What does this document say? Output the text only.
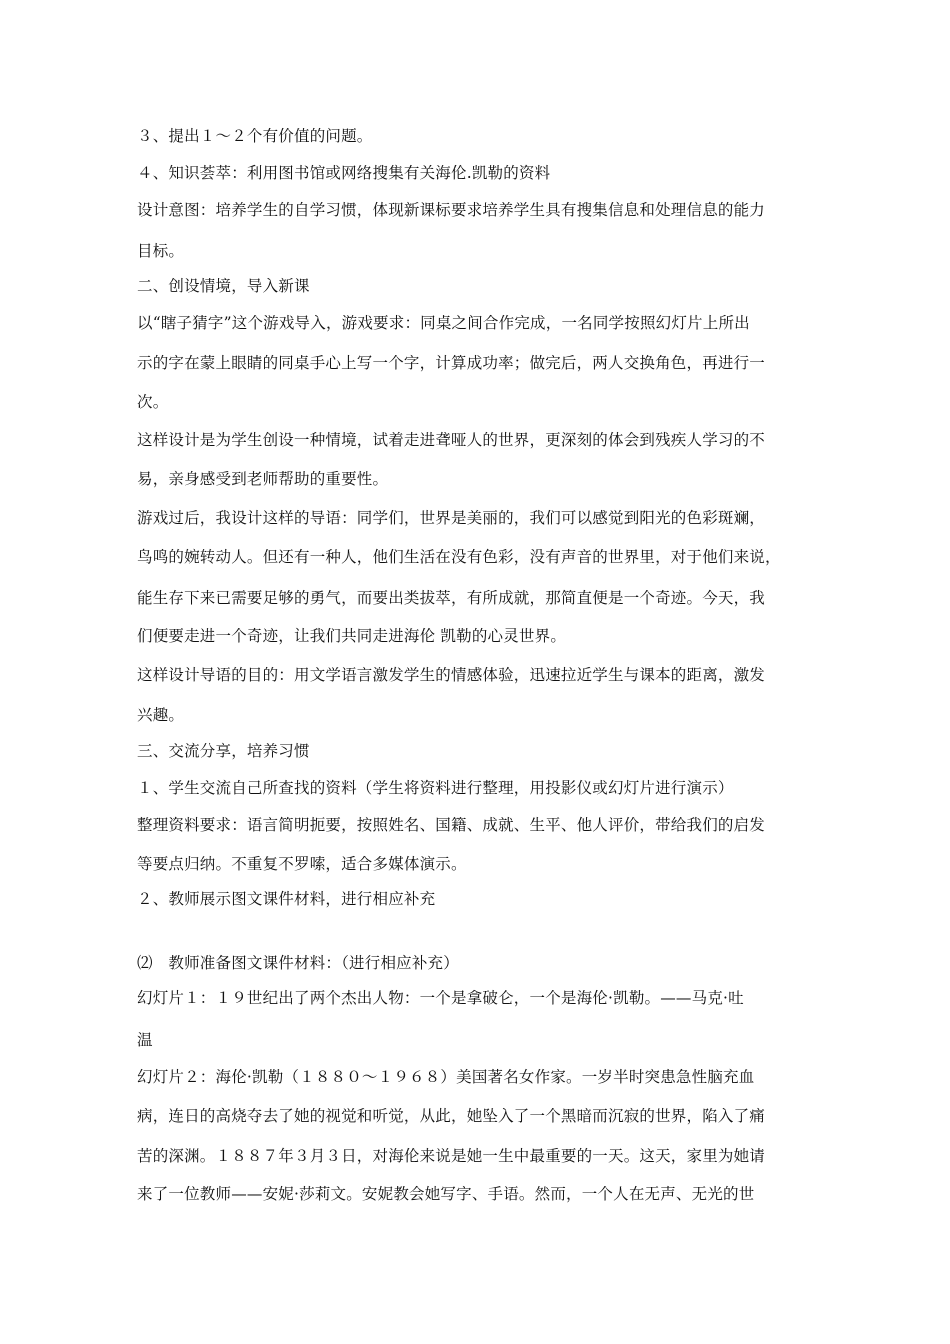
３、提出１～２个有价值的问题。
４、知识荟萃：利用图书馆或网络搜集有关海伦.凯勒的资料
设计意图：培养学生的自学习惯，体现新课标要求培养学生具有搜集信息和处理信息的能力
目标。
二、创设情境，导入新课
以“瞎子猜字”这个游戏导入，游戏要求：同桌之间合作完成，一名同学按照幻灯片上所出
示的字在蒙上眼睛的同桌手心上写一个字，计算成功率；做完后，两人交换角色，再进行一
次。
这样设计是为学生创设一种情境，试着走进聋哑人的世界，更深刻的体会到残疾人学习的不
易，亲身感受到老师帮助的重要性。
游戏过后，我设计这样的导语：同学们，世界是美丽的，我们可以感觉到阳光的色彩斑斓，
鸟鸣的婉转动人。但还有一种人，他们生活在没有色彩，没有声音的世界里，对于他们来说，
能生存下来已需要足够的勇气，而要出类拔萃，有所成就，那简直便是一个奇迹。今天，我
们便要走进一个奇迹，让我们共同走进海伦 凯勒的心灵世界。
这样设计导语的目的：用文学语言激发学生的情感体验，迅速拉近学生与课本的距离，激发
兴趣。
三、交流分享，培养习惯
１、学生交流自己所查找的资料（学生将资料进行整理，用投影仪或幻灯片进行演示）
整理资料要求：语言简明扼要，按照姓名、国籍、成就、生平、他人评价，带给我们的启发
等要点归纳。不重复不罗嗦，适合多媒体演示。
２、教师展示图文课件材料，进行相应补充
⑵　教师准备图文课件材料：（进行相应补充）
幻灯片１：１９世纪出了两个杰出人物：一个是拿破仑，一个是海伦·凯勒。——马克·吐
温
幻灯片２：海伦·凯勒（１８８０～１９６８）美国著名女作家。一岁半时突患急性脑充血
病，连日的高烧夺去了她的视觉和听觉，从此，她坠入了一个黑暗而沉寂的世界，陷入了痛
苦的深渊。１８８７年３月３日，对海伦来说是她一生中最重要的一天。这天，家里为她请
来了一位教师——安妮·莎莉文。安妮教会她写字、手语。然而，一个人在无声、无光的世
